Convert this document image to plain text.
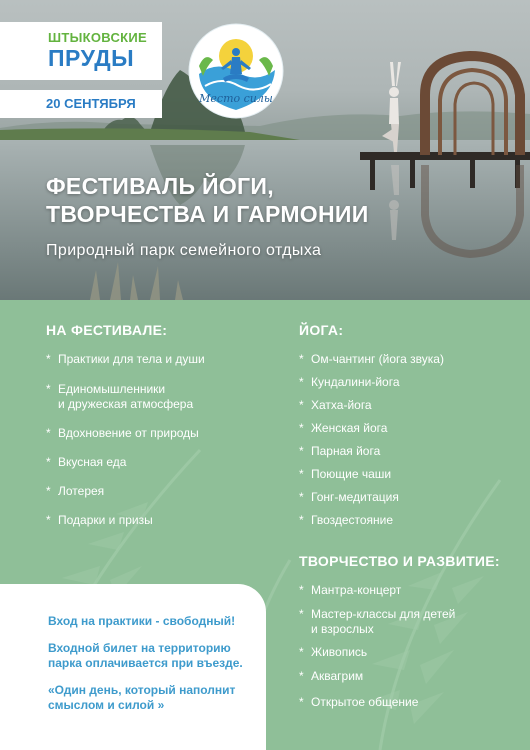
ШТЫКОВСКИЕ
ПРУДЫ
20 СЕНТЯБРЯ	Место силы
ФЕСТИВАЛЬ ЙОГИ,
ТВОРЧЕСТВА И ГАРМОНИИ
Природный парк семейного отдыха
НА ФЕСТИВАЛЕ:
* Практики для тела и души
* Единомышленники
и дружеская атмосфера
* Вдохновение от природы
* Вкусная еда
* Лотерея
* Подарки и призы
ЙОГА:
* Ом-чантинг (йога звука)
* Кундалини-йога
* Хатха-йога
* Женская йога
* Парная йога
* Поющие чаши
* Гонг-медитация
* Гвоздестояние
ТВОРЧЕСТВО И РАЗВИТИЕ:
* Мантра-концерт
* Мастер-классы для детей
и взрослых
* Живопись
* Аквагрим
* Открытое общение

Вход на практики - свободный!

Входной билет на территорию парка оплачивается при въезде.

«Один день, который наполнит смыслом и силой »
